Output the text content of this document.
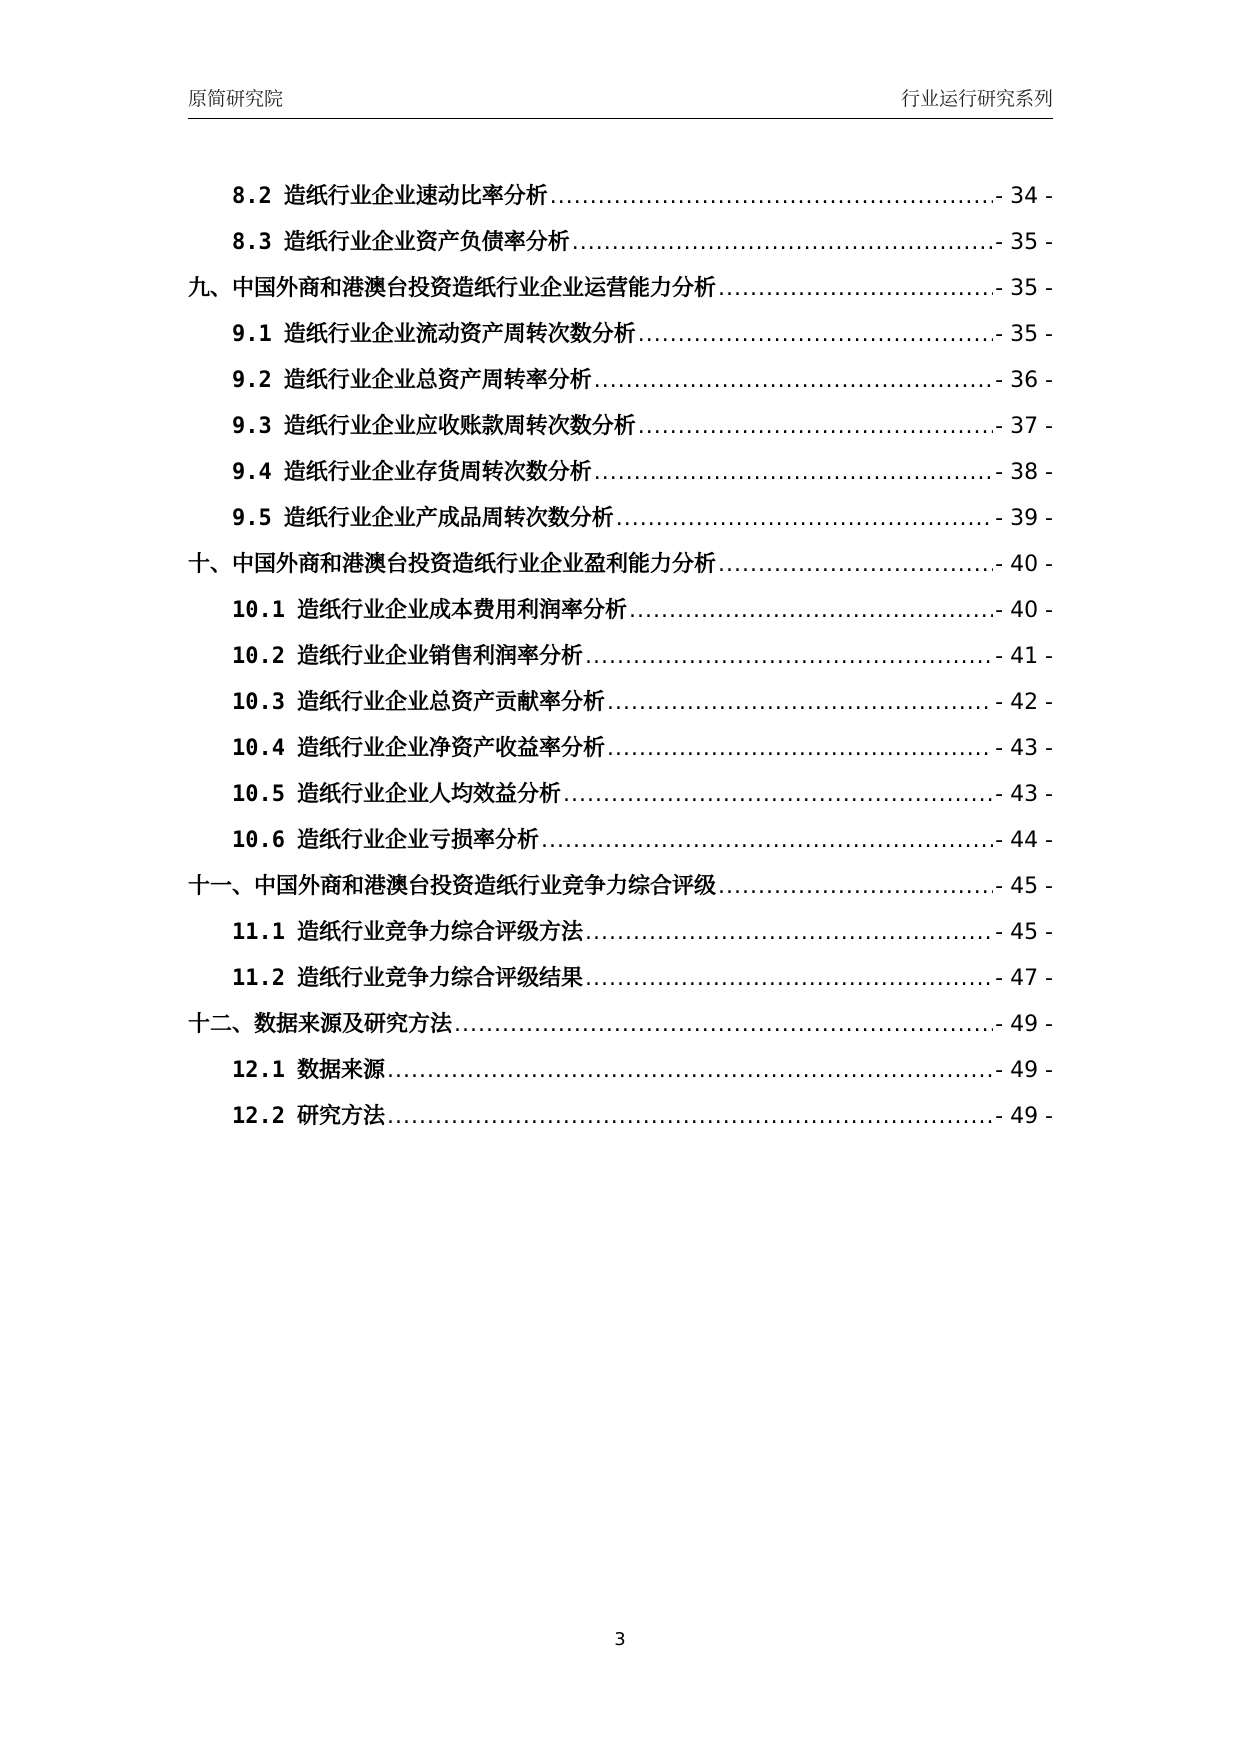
原简研究院	行业运行研究系列
8.2 造纸行业企业速动比率分析 .....	- 34 -
8.3 造纸行业企业资产负债率分析 .....	- 35 -
九、中国外商和港澳台投资造纸行业企业运营能力分析 .....	- 35 -
9.1 造纸行业企业流动资产周转次数分析 .....	- 35 -
9.2 造纸行业企业总资产周转率分析 .....	- 36 -
9.3 造纸行业企业应收账款周转次数分析 .....	- 37 -
9.4 造纸行业企业存货周转次数分析 .....	- 38 -
9.5 造纸行业企业产成品周转次数分析 .....	- 39 -
十、中国外商和港澳台投资造纸行业企业盈利能力分析 .....	- 40 -
10.1 造纸行业企业成本费用利润率分析 .....	- 40 -
10.2 造纸行业企业销售利润率分析 .....	- 41 -
10.3 造纸行业企业总资产贡献率分析 .....	- 42 -
10.4 造纸行业企业净资产收益率分析 .....	- 43 -
10.5 造纸行业企业人均效益分析 .....	- 43 -
10.6 造纸行业企业亏损率分析 .....	- 44 -
十一、中国外商和港澳台投资造纸行业竞争力综合评级 .....	- 45 -
11.1 造纸行业竞争力综合评级方法 .....	- 45 -
11.2 造纸行业竞争力综合评级结果 .....	- 47 -
十二、数据来源及研究方法 .....	- 49 -
12.1 数据来源 .....	- 49 -
12.2 研究方法 .....	- 49 -
3
